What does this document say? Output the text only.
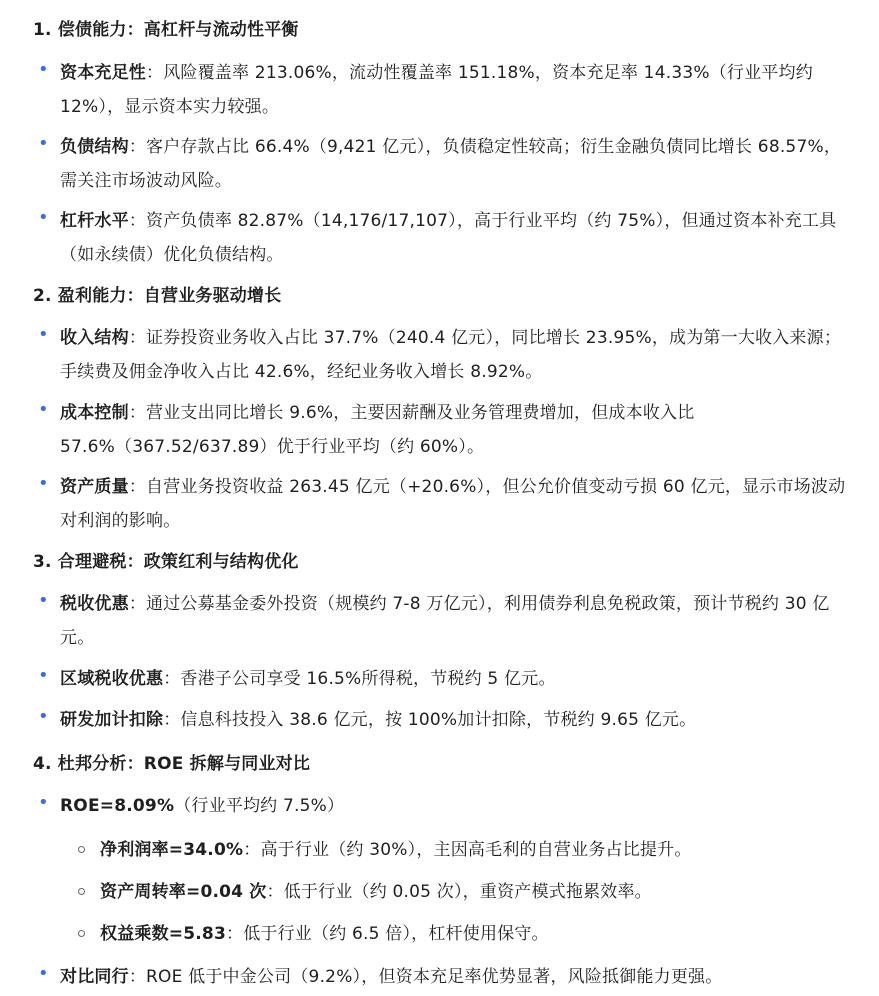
1. 偿债能力：高杠杆与流动性平衡
• 资本充足性：风险覆盖率 213.06%，流动性覆盖率 151.18%，资本充足率 14.33%（行业平均约 12%），显示资本实力较强。
• 负债结构：客户存款占比 66.4%（9,421 亿元），负债稳定性较高；衍生金融负债同比增长 68.57%，需关注市场波动风险。
• 杠杆水平：资产负债率 82.87%（14,176/17,107），高于行业平均（约 75%），但通过资本补充工具（如永续债）优化负债结构。
2. 盈利能力：自营业务驱动增长
• 收入结构：证券投资业务收入占比 37.7%（240.4 亿元），同比增长 23.95%，成为第一大收入来源；手续费及佣金净收入占比 42.6%，经纪业务收入增长 8.92%。
• 成本控制：营业支出同比增长 9.6%，主要因薪酬及业务管理费增加，但成本收入比 57.6%（367.52/637.89）优于行业平均（约 60%）。
• 资产质量：自营业务投资收益 263.45 亿元（+20.6%），但公允价值变动亏损 60 亿元，显示市场波动对利润的影响。
3. 合理避税：政策红利与结构优化
• 税收优惠：通过公募基金委外投资（规模约 7-8 万亿元），利用债券利息免税政策，预计节税约 30 亿元。
• 区域税收优惠：香港子公司享受 16.5%所得税，节税约 5 亿元。
• 研发加计扣除：信息科技投入 38.6 亿元，按 100%加计扣除，节税约 9.65 亿元。
4. 杜邦分析：ROE 拆解与同业对比
• ROE=8.09%（行业平均约 7.5%）
净利润率=34.0%：高于行业（约 30%），主因高毛利的自营业务占比提升。
资产周转率=0.04 次：低于行业（约 0.05 次），重资产模式拖累效率。
权益乘数=5.83：低于行业（约 6.5 倍），杠杆使用保守。
• 对比同行：ROE 低于中金公司（9.2%），但资本充足率优势显著，风险抵御能力更强。
